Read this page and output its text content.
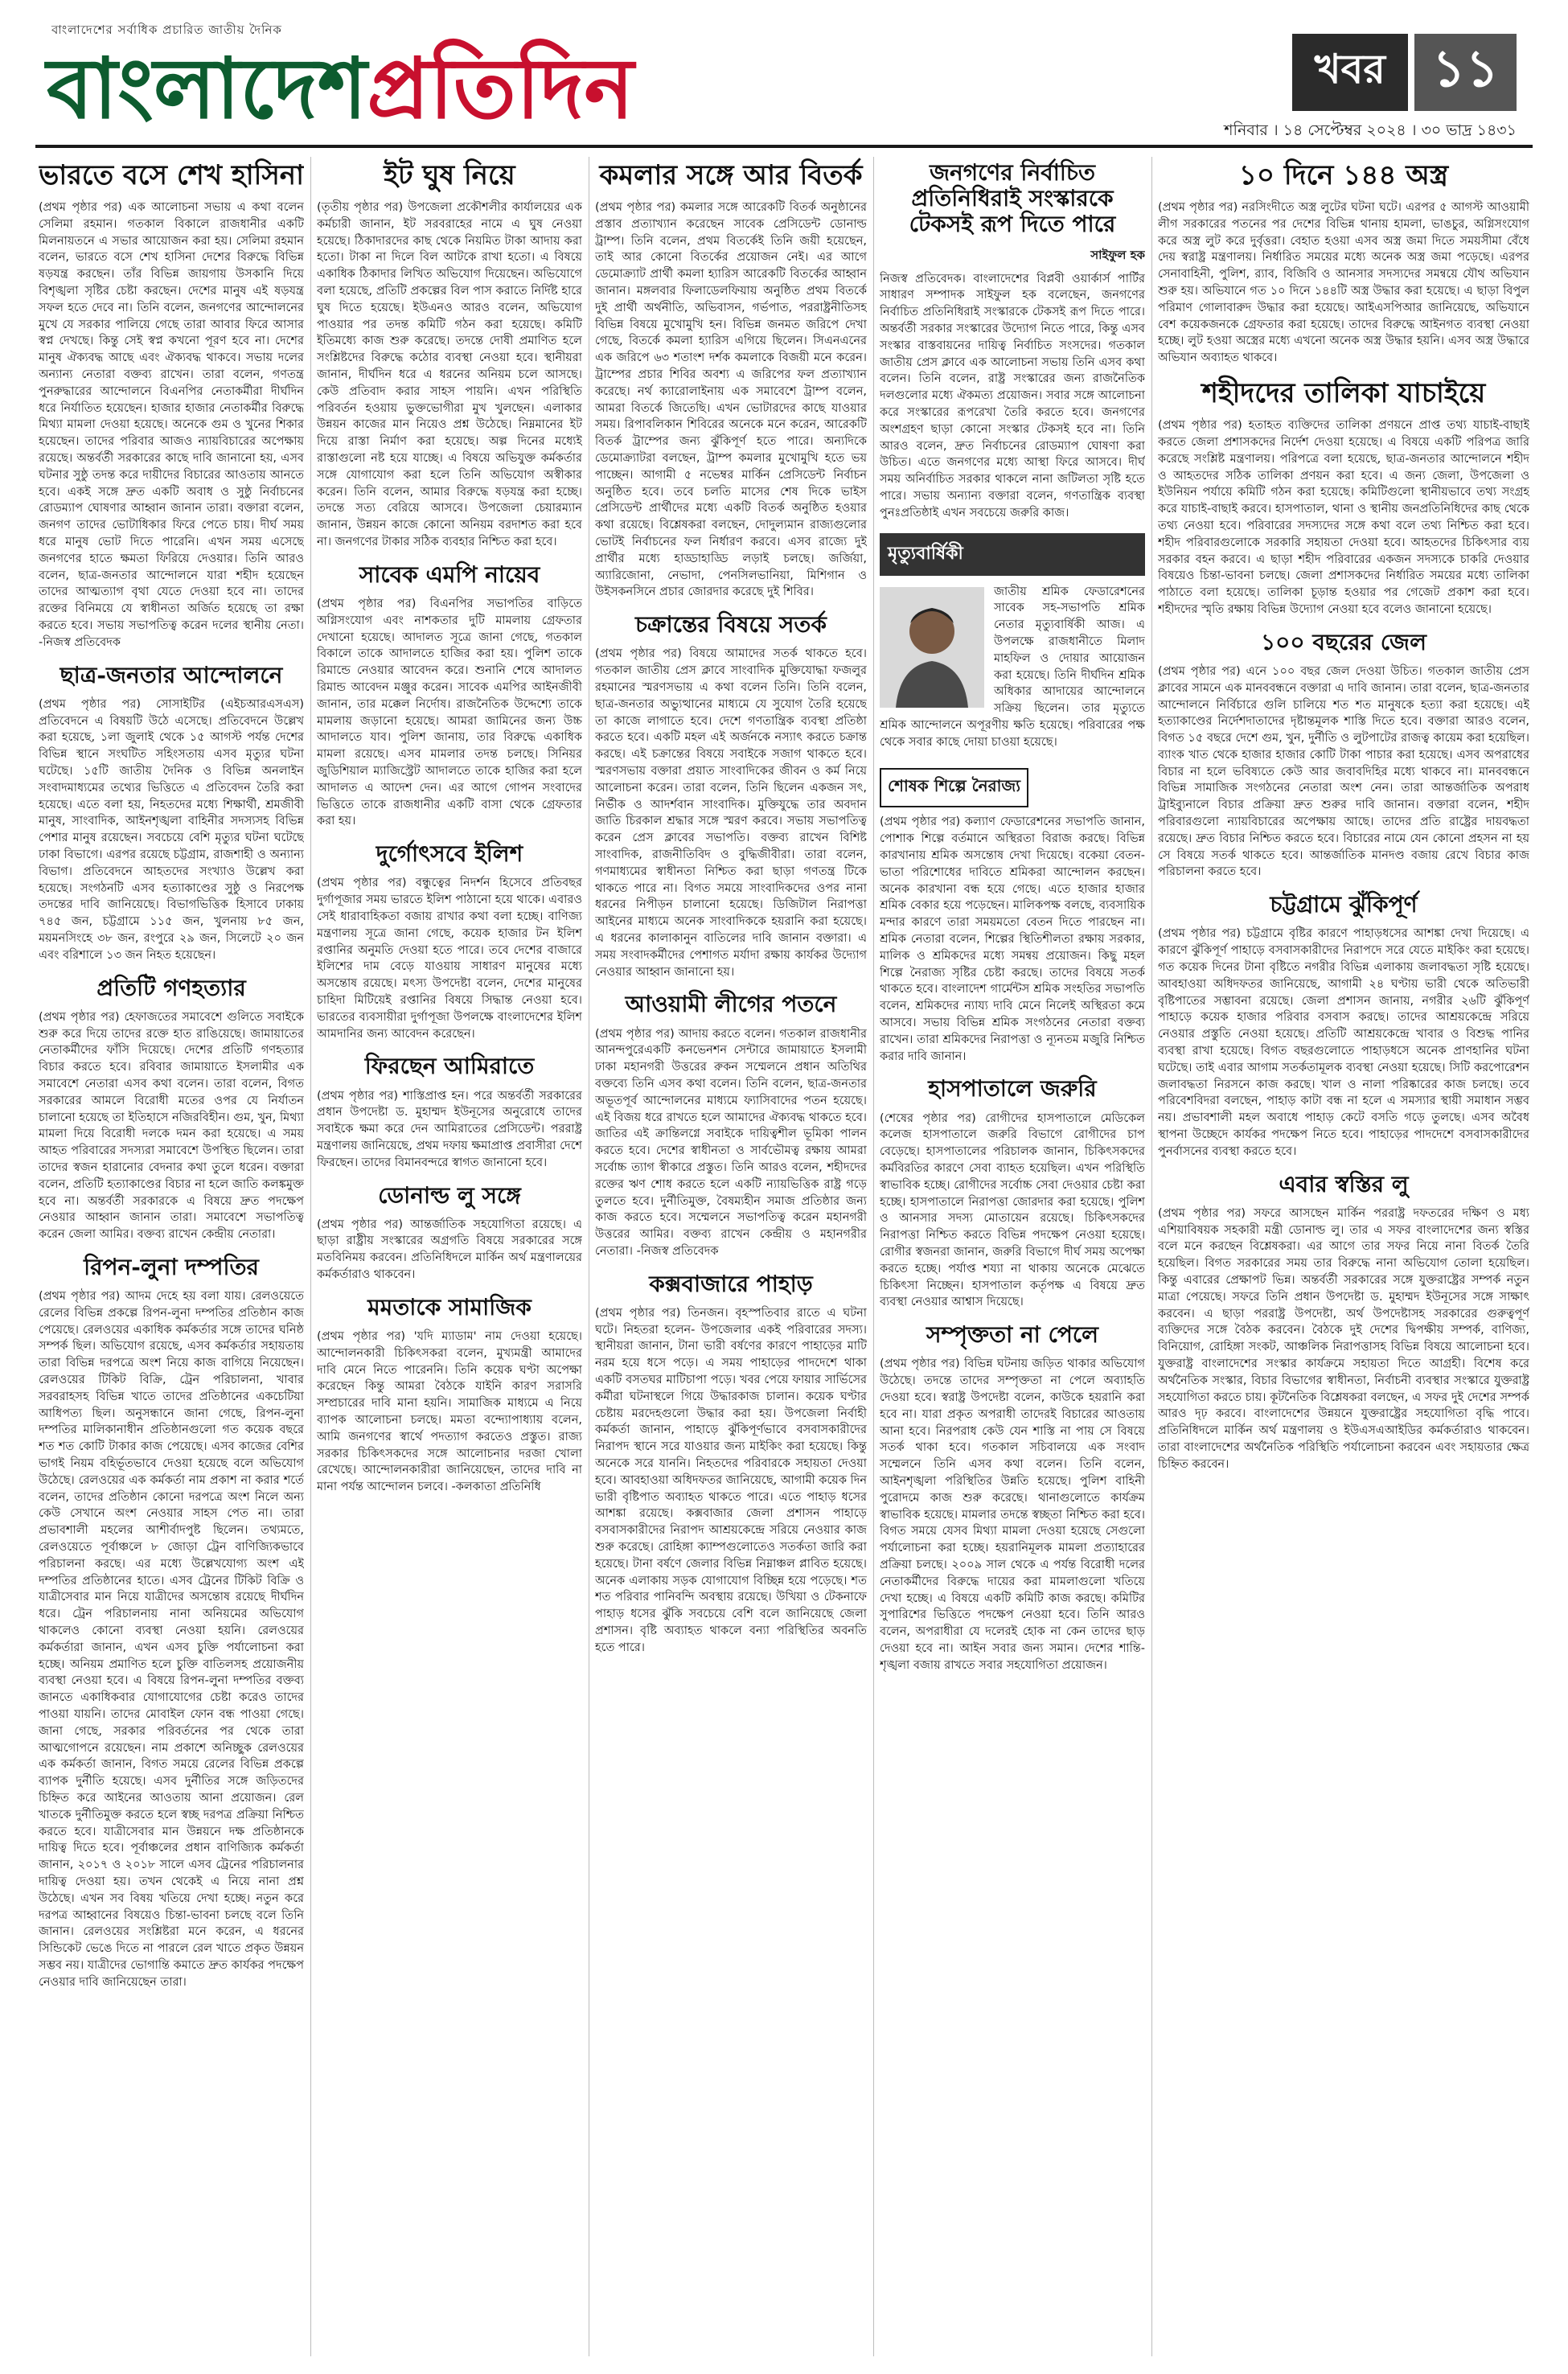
বাংলাদেশের সর্বাধিক প্রচারিত জাতীয় দৈনিক
বাংলাদেশপ্রতিদিন	খবর ১১
শনিবার । ১৪ সেপ্টেম্বর ২০২৪ । ৩০ ভাদ্র ১৪৩১
ভারতে বসে শেখ হাসিনা

(প্রথম পৃষ্ঠার পর) এক আলোচনা সভায় এ কথা বলেন সেলিমা রহমান। গতকাল বিকালে রাজধানীর একটি মিলনায়তনে এ সভার আয়োজন করা হয়। সেলিমা রহমান বলেন, ভারতে বসে শেখ হাসিনা দেশের বিরুদ্ধে বিভিন্ন ষড়যন্ত্র করছেন। তাঁর বিভিন্ন জায়গায় উসকানি দিয়ে বিশৃঙ্খলা সৃষ্টির চেষ্টা করছেন। দেশের মানুষ এই ষড়যন্ত্র সফল হতে দেবে না। তিনি বলেন, জনগণের আন্দোলনের মুখে যে সরকার পালিয়ে গেছে তারা আবার ফিরে আসার স্বপ্ন দেখছে। কিন্তু সেই স্বপ্ন কখনো পূরণ হবে না। দেশের মানুষ ঐক্যবদ্ধ আছে এবং ঐক্যবদ্ধ থাকবে। সভায় দলের অন্যান্য নেতারা বক্তব্য রাখেন। তারা বলেন, গণতন্ত্র পুনরুদ্ধারের আন্দোলনে বিএনপির নেতাকর্মীরা দীর্ঘদিন ধরে নির্যাতিত হয়েছেন। হাজার হাজার নেতাকর্মীর বিরুদ্ধে মিথ্যা মামলা দেওয়া হয়েছে। অনেকে গুম ও খুনের শিকার হয়েছেন। তাদের পরিবার আজও ন্যায়বিচারের অপেক্ষায় রয়েছে। অন্তর্বর্তী সরকারের কাছে দাবি জানানো হয়, এসব ঘটনার সুষ্ঠু তদন্ত করে দায়ীদের বিচারের আওতায় আনতে হবে। একই সঙ্গে দ্রুত একটি অবাধ ও সুষ্ঠু নির্বাচনের রোডম্যাপ ঘোষণার আহ্বান জানান তারা। বক্তারা বলেন, জনগণ তাদের ভোটাধিকার ফিরে পেতে চায়। দীর্ঘ সময় ধরে মানুষ ভোট দিতে পারেনি। এখন সময় এসেছে জনগণের হাতে ক্ষমতা ফিরিয়ে দেওয়ার। তিনি আরও বলেন, ছাত্র-জনতার আন্দোলনে যারা শহীদ হয়েছেন তাদের আত্মত্যাগ বৃথা যেতে দেওয়া হবে না। তাদের রক্তের বিনিময়ে যে স্বাধীনতা অর্জিত হয়েছে তা রক্ষা করতে হবে। সভায় সভাপতিত্ব করেন দলের স্থানীয় নেতা। -নিজস্ব প্রতিবেদক

ছাত্র-জনতার আন্দোলনে

(প্রথম পৃষ্ঠার পর) সোসাইটির (এইচআরএসএস) প্রতিবেদনে এ বিষয়টি উঠে এসেছে। প্রতিবেদনে উল্লেখ করা হয়েছে, ১লা জুলাই থেকে ১৫ আগস্ট পর্যন্ত দেশের বিভিন্ন স্থানে সংঘটিত সহিংসতায় এসব মৃত্যুর ঘটনা ঘটেছে। ১৫টি জাতীয় দৈনিক ও বিভিন্ন অনলাইন সংবাদমাধ্যমের তথ্যের ভিত্তিতে এ প্রতিবেদন তৈরি করা হয়েছে। এতে বলা হয়, নিহতদের মধ্যে শিক্ষার্থী, শ্রমজীবী মানুষ, সাংবাদিক, আইনশৃঙ্খলা বাহিনীর সদস্যসহ বিভিন্ন পেশার মানুষ রয়েছেন। সবচেয়ে বেশি মৃত্যুর ঘটনা ঘটেছে ঢাকা বিভাগে। এরপর রয়েছে চট্টগ্রাম, রাজশাহী ও অন্যান্য বিভাগ। প্রতিবেদনে আহতদের সংখ্যাও উল্লেখ করা হয়েছে। সংগঠনটি এসব হত্যাকাণ্ডের সুষ্ঠু ও নিরপেক্ষ তদন্তের দাবি জানিয়েছে। বিভাগভিত্তিক হিসাবে ঢাকায় ৭৪৫ জন, চট্টগ্রামে ১১৫ জন, খুলনায় ৮৫ জন, ময়মনসিংহে ৩৮ জন, রংপুরে ২৯ জন, সিলেটে ২০ জন এবং বরিশালে ১৩ জন নিহত হয়েছেন।

প্রতিটি গণহত্যার

(প্রথম পৃষ্ঠার পর) হেফাজতের সমাবেশে গুলিতে সবাইকে শুরু করে দিয়ে তাদের রক্তে হাত রাঙিয়েছে। জামায়াতের নেতাকর্মীদের ফাঁসি দিয়েছে। দেশের প্রতিটি গণহত্যার বিচার করতে হবে। রবিবার জামায়াতে ইসলামীর এক সমাবেশে নেতারা এসব কথা বলেন। তারা বলেন, বিগত সরকারের আমলে বিরোধী মতের ওপর যে নির্যাতন চালানো হয়েছে তা ইতিহাসে নজিরবিহীন। গুম, খুন, মিথ্যা মামলা দিয়ে বিরোধী দলকে দমন করা হয়েছে। এ সময় আহত পরিবারের সদস্যরা সমাবেশে উপস্থিত ছিলেন। তারা তাদের স্বজন হারানোর বেদনার কথা তুলে ধরেন। বক্তারা বলেন, প্রতিটি হত্যাকাণ্ডের বিচার না হলে জাতি কলঙ্কমুক্ত হবে না। অন্তর্বর্তী সরকারকে এ বিষয়ে দ্রুত পদক্ষেপ নেওয়ার আহ্বান জানান তারা। সমাবেশে সভাপতিত্ব করেন জেলা আমির। বক্তব্য রাখেন কেন্দ্রীয় নেতারা।

রিপন-লুনা দম্পতির

(প্রথম পৃষ্ঠার পর) আদম দেহে হয় বলা যায়। রেলওয়েতে রেলের বিভিন্ন প্রকল্পে রিপন-লুনা দম্পতির প্রতিষ্ঠান কাজ পেয়েছে। রেলওয়ের একাধিক কর্মকর্তার সঙ্গে তাদের ঘনিষ্ঠ সম্পর্ক ছিল। অভিযোগ রয়েছে, এসব কর্মকর্তার সহায়তায় তারা বিভিন্ন দরপত্রে অংশ নিয়ে কাজ বাগিয়ে নিয়েছেন। রেলওয়ের টিকিট বিক্রি, ট্রেন পরিচালনা, খাবার সরবরাহসহ বিভিন্ন খাতে তাদের প্রতিষ্ঠানের একচেটিয়া আধিপত্য ছিল। অনুসন্ধানে জানা গেছে, রিপন-লুনা দম্পতির মালিকানাধীন প্রতিষ্ঠানগুলো গত কয়েক বছরে শত শত কোটি টাকার কাজ পেয়েছে। এসব কাজের বেশির ভাগই নিয়ম বহির্ভূতভাবে দেওয়া হয়েছে বলে অভিযোগ উঠেছে। রেলওয়ের এক কর্মকর্তা নাম প্রকাশ না করার শর্তে বলেন, তাদের প্রতিষ্ঠান কোনো দরপত্রে অংশ নিলে অন্য কেউ সেখানে অংশ নেওয়ার সাহস পেত না। তারা প্রভাবশালী মহলের আশীর্বাদপুষ্ট ছিলেন। তথ্যমতে, রেলওয়েতে পূর্বাঞ্চলে ৮ জোড়া ট্রেন বাণিজ্যিকভাবে পরিচালনা করছে। এর মধ্যে উল্লেখযোগ্য অংশ এই দম্পতির প্রতিষ্ঠানের হাতে। এসব ট্রেনের টিকিট বিক্রি ও যাত্রীসেবার মান নিয়ে যাত্রীদের অসন্তোষ রয়েছে দীর্ঘদিন ধরে। ট্রেন পরিচালনায় নানা অনিয়মের অভিযোগ থাকলেও কোনো ব্যবস্থা নেওয়া হয়নি। রেলওয়ের কর্মকর্তারা জানান, এখন এসব চুক্তি পর্যালোচনা করা হচ্ছে। অনিয়ম প্রমাণিত হলে চুক্তি বাতিলসহ প্রয়োজনীয় ব্যবস্থা নেওয়া হবে। এ বিষয়ে রিপন-লুনা দম্পতির বক্তব্য জানতে একাধিকবার যোগাযোগের চেষ্টা করেও তাদের পাওয়া যায়নি। তাদের মোবাইল ফোন বন্ধ পাওয়া গেছে। জানা গেছে, সরকার পরিবর্তনের পর থেকে তারা আত্মগোপনে রয়েছেন। নাম প্রকাশে অনিচ্ছুক রেলওয়ের এক কর্মকর্তা জানান, বিগত সময়ে রেলের বিভিন্ন প্রকল্পে ব্যাপক দুর্নীতি হয়েছে। এসব দুর্নীতির সঙ্গে জড়িতদের চিহ্নিত করে আইনের আওতায় আনা প্রয়োজন। রেল খাতকে দুর্নীতিমুক্ত করতে হলে স্বচ্ছ দরপত্র প্রক্রিয়া নিশ্চিত করতে হবে। যাত্রীসেবার মান উন্নয়নে দক্ষ প্রতিষ্ঠানকে দায়িত্ব দিতে হবে। পূর্বাঞ্চলের প্রধান বাণিজ্যিক কর্মকর্তা জানান, ২০১৭ ও ২০১৮ সালে এসব ট্রেনের পরিচালনার দায়িত্ব দেওয়া হয়। তখন থেকেই এ নিয়ে নানা প্রশ্ন উঠেছে। এখন সব বিষয় খতিয়ে দেখা হচ্ছে। নতুন করে দরপত্র আহ্বানের বিষয়েও চিন্তা-ভাবনা চলছে বলে তিনি জানান। রেলওয়ের সংশ্লিষ্টরা মনে করেন, এ ধরনের সিন্ডিকেট ভেঙে দিতে না পারলে রেল খাতে প্রকৃত উন্নয়ন সম্ভব নয়। যাত্রীদের ভোগান্তি কমাতে দ্রুত কার্যকর পদক্ষেপ নেওয়ার দাবি জানিয়েছেন তারা।

ইট ঘুষ নিয়ে

(তৃতীয় পৃষ্ঠার পর) উপজেলা প্রকৌশলীর কার্যালয়ের এক কর্মচারী জানান, ইট সরবরাহের নামে এ ঘুষ নেওয়া হয়েছে। ঠিকাদারদের কাছ থেকে নিয়মিত টাকা আদায় করা হতো। টাকা না দিলে বিল আটকে রাখা হতো। এ বিষয়ে একাধিক ঠিকাদার লিখিত অভিযোগ দিয়েছেন। অভিযোগে বলা হয়েছে, প্রতিটি প্রকল্পের বিল পাস করাতে নির্দিষ্ট হারে ঘুষ দিতে হয়েছে। ইউএনও আরও বলেন, অভিযোগ পাওয়ার পর তদন্ত কমিটি গঠন করা হয়েছে। কমিটি ইতিমধ্যে কাজ শুরু করেছে। তদন্তে দোষী প্রমাণিত হলে সংশ্লিষ্টদের বিরুদ্ধে কঠোর ব্যবস্থা নেওয়া হবে। স্থানীয়রা জানান, দীর্ঘদিন ধরে এ ধরনের অনিয়ম চলে আসছে। কেউ প্রতিবাদ করার সাহস পায়নি। এখন পরিস্থিতি পরিবর্তন হওয়ায় ভুক্তভোগীরা মুখ খুলছেন। এলাকার উন্নয়ন কাজের মান নিয়েও প্রশ্ন উঠেছে। নিম্নমানের ইট দিয়ে রাস্তা নির্মাণ করা হয়েছে। অল্প দিনের মধ্যেই রাস্তাগুলো নষ্ট হয়ে যাচ্ছে। এ বিষয়ে অভিযুক্ত কর্মকর্তার সঙ্গে যোগাযোগ করা হলে তিনি অভিযোগ অস্বীকার করেন। তিনি বলেন, আমার বিরুদ্ধে ষড়যন্ত্র করা হচ্ছে। তদন্তে সত্য বেরিয়ে আসবে। উপজেলা চেয়ারম্যান জানান, উন্নয়ন কাজে কোনো অনিয়ম বরদাশত করা হবে না। জনগণের টাকার সঠিক ব্যবহার নিশ্চিত করা হবে।

সাবেক এমপি নায়েব

(প্রথম পৃষ্ঠার পর) বিএনপির সভাপতির বাড়িতে অগ্নিসংযোগ এবং নাশকতার দুটি মামলায় গ্রেফতার দেখানো হয়েছে। আদালত সূত্রে জানা গেছে, গতকাল বিকালে তাকে আদালতে হাজির করা হয়। পুলিশ তাকে রিমান্ডে নেওয়ার আবেদন করে। শুনানি শেষে আদালত রিমান্ড আবেদন মঞ্জুর করেন। সাবেক এমপির আইনজীবী জানান, তার মক্কেল নির্দোষ। রাজনৈতিক উদ্দেশ্যে তাকে মামলায় জড়ানো হয়েছে। আমরা জামিনের জন্য উচ্চ আদালতে যাব। পুলিশ জানায়, তার বিরুদ্ধে একাধিক মামলা রয়েছে। এসব মামলার তদন্ত চলছে। সিনিয়র জুডিশিয়াল ম্যাজিস্ট্রেট আদালতে তাকে হাজির করা হলে আদালত এ আদেশ দেন। এর আগে গোপন সংবাদের ভিত্তিতে তাকে রাজধানীর একটি বাসা থেকে গ্রেফতার করা হয়।

দুর্গোৎসবে ইলিশ

(প্রথম পৃষ্ঠার পর) বন্ধুত্বের নিদর্শন হিসেবে প্রতিবছর দুর্গাপূজার সময় ভারতে ইলিশ পাঠানো হয়ে থাকে। এবারও সেই ধারাবাহিকতা বজায় রাখার কথা বলা হচ্ছে। বাণিজ্য মন্ত্রণালয় সূত্রে জানা গেছে, কয়েক হাজার টন ইলিশ রপ্তানির অনুমতি দেওয়া হতে পারে। তবে দেশের বাজারে ইলিশের দাম বেড়ে যাওয়ায় সাধারণ মানুষের মধ্যে অসন্তোষ রয়েছে। মৎস্য উপদেষ্টা বলেন, দেশের মানুষের চাহিদা মিটিয়েই রপ্তানির বিষয়ে সিদ্ধান্ত নেওয়া হবে। ভারতের ব্যবসায়ীরা দুর্গাপূজা উপলক্ষে বাংলাদেশের ইলিশ আমদানির জন্য আবেদন করেছেন।

ফিরছেন আমিরাতে

(প্রথম পৃষ্ঠার পর) শাস্তিপ্রাপ্ত হন। পরে অন্তর্বর্তী সরকারের প্রধান উপদেষ্টা ড. মুহাম্মদ ইউনূসের অনুরোধে তাদের সবাইকে ক্ষমা করে দেন আমিরাতের প্রেসিডেন্ট। পররাষ্ট্র মন্ত্রণালয় জানিয়েছে, প্রথম দফায় ক্ষমাপ্রাপ্ত প্রবাসীরা দেশে ফিরছেন। তাদের বিমানবন্দরে স্বাগত জানানো হবে।

ডোনাল্ড লু সঙ্গে

(প্রথম পৃষ্ঠার পর) আন্তর্জাতিক সহযোগিতা রয়েছে। এ ছাড়া রাষ্ট্রীয় সংস্কারের অগ্রগতি বিষয়ে সরকারের সঙ্গে মতবিনিময় করবেন। প্রতিনিধিদলে মার্কিন অর্থ মন্ত্রণালয়ের কর্মকর্তারাও থাকবেন।

মমতাকে সামাজিক

(প্রথম পৃষ্ঠার পর) 'যদি ম্যাডাম' নাম দেওয়া হয়েছে। আন্দোলনকারী চিকিৎসকরা বলেন, মুখ্যমন্ত্রী আমাদের দাবি মেনে নিতে পারেননি। তিনি কয়েক ঘণ্টা অপেক্ষা করেছেন কিন্তু আমরা বৈঠকে যাইনি কারণ সরাসরি সম্প্রচারের দাবি মানা হয়নি। সামাজিক মাধ্যমে এ নিয়ে ব্যাপক আলোচনা চলছে। মমতা বন্দ্যোপাধ্যায় বলেন, আমি জনগণের স্বার্থে পদত্যাগ করতেও প্রস্তুত। রাজ্য সরকার চিকিৎসকদের সঙ্গে আলোচনার দরজা খোলা রেখেছে। আন্দোলনকারীরা জানিয়েছেন, তাদের দাবি না মানা পর্যন্ত আন্দোলন চলবে। -কলকাতা প্রতিনিধি

কমলার সঙ্গে আর বিতর্ক

(প্রথম পৃষ্ঠার পর) কমলার সঙ্গে আরেকটি বিতর্ক অনুষ্ঠানের প্রস্তাব প্রত্যাখ্যান করেছেন সাবেক প্রেসিডেন্ট ডোনাল্ড ট্রাম্প। তিনি বলেন, প্রথম বিতর্কেই তিনি জয়ী হয়েছেন, তাই আর কোনো বিতর্কের প্রয়োজন নেই। এর আগে ডেমোক্র্যাট প্রার্থী কমলা হ্যারিস আরেকটি বিতর্কের আহ্বান জানান। মঙ্গলবার ফিলাডেলফিয়ায় অনুষ্ঠিত প্রথম বিতর্কে দুই প্রার্থী অর্থনীতি, অভিবাসন, গর্ভপাত, পররাষ্ট্রনীতিসহ বিভিন্ন বিষয়ে মুখোমুখি হন। বিভিন্ন জনমত জরিপে দেখা গেছে, বিতর্কে কমলা হ্যারিস এগিয়ে ছিলেন। সিএনএনের এক জরিপে ৬৩ শতাংশ দর্শক কমলাকে বিজয়ী মনে করেন। ট্রাম্পের প্রচার শিবির অবশ্য এ জরিপের ফল প্রত্যাখ্যান করেছে। নর্থ ক্যারোলাইনায় এক সমাবেশে ট্রাম্প বলেন, আমরা বিতর্কে জিতেছি। এখন ভোটারদের কাছে যাওয়ার সময়। রিপাবলিকান শিবিরের অনেকে মনে করেন, আরেকটি বিতর্ক ট্রাম্পের জন্য ঝুঁকিপূর্ণ হতে পারে। অন্যদিকে ডেমোক্র্যাটরা বলছেন, ট্রাম্প কমলার মুখোমুখি হতে ভয় পাচ্ছেন। আগামী ৫ নভেম্বর মার্কিন প্রেসিডেন্ট নির্বাচন অনুষ্ঠিত হবে। তবে চলতি মাসের শেষ দিকে ভাইস প্রেসিডেন্ট প্রার্থীদের মধ্যে একটি বিতর্ক অনুষ্ঠিত হওয়ার কথা রয়েছে। বিশ্লেষকরা বলছেন, দোদুল্যমান রাজ্যগুলোর ভোটই নির্বাচনের ফল নির্ধারণ করবে। এসব রাজ্যে দুই প্রার্থীর মধ্যে হাড্ডাহাড্ডি লড়াই চলছে। জর্জিয়া, অ্যারিজোনা, নেভাদা, পেনসিলভানিয়া, মিশিগান ও উইসকনসিনে প্রচার জোরদার করেছে দুই শিবির।

চক্রান্তের বিষয়ে সতর্ক

(প্রথম পৃষ্ঠার পর) বিষয়ে আমাদের সতর্ক থাকতে হবে। গতকাল জাতীয় প্রেস ক্লাবে সাংবাদিক মুক্তিযোদ্ধা ফজলুর রহমানের স্মরণসভায় এ কথা বলেন তিনি। তিনি বলেন, ছাত্র-জনতার অভ্যুত্থানের মাধ্যমে যে সুযোগ তৈরি হয়েছে তা কাজে লাগাতে হবে। দেশে গণতান্ত্রিক ব্যবস্থা প্রতিষ্ঠা করতে হবে। একটি মহল এই অর্জনকে নস্যাৎ করতে চক্রান্ত করছে। এই চক্রান্তের বিষয়ে সবাইকে সজাগ থাকতে হবে। স্মরণসভায় বক্তারা প্রয়াত সাংবাদিকের জীবন ও কর্ম নিয়ে আলোচনা করেন। তারা বলেন, তিনি ছিলেন একজন সৎ, নির্ভীক ও আদর্শবান সাংবাদিক। মুক্তিযুদ্ধে তার অবদান জাতি চিরকাল শ্রদ্ধার সঙ্গে স্মরণ করবে। সভায় সভাপতিত্ব করেন প্রেস ক্লাবের সভাপতি। বক্তব্য রাখেন বিশিষ্ট সাংবাদিক, রাজনীতিবিদ ও বুদ্ধিজীবীরা। তারা বলেন, গণমাধ্যমের স্বাধীনতা নিশ্চিত করা ছাড়া গণতন্ত্র টিকে থাকতে পারে না। বিগত সময়ে সাংবাদিকদের ওপর নানা ধরনের নিপীড়ন চালানো হয়েছে। ডিজিটাল নিরাপত্তা আইনের মাধ্যমে অনেক সাংবাদিককে হয়রানি করা হয়েছে। এ ধরনের কালাকানুন বাতিলের দাবি জানান বক্তারা। এ সময় সংবাদকর্মীদের পেশাগত মর্যাদা রক্ষায় কার্যকর উদ্যোগ নেওয়ার আহ্বান জানানো হয়।

আওয়ামী লীগের পতনে

(প্রথম পৃষ্ঠার পর) আদায় করতে বলেন। গতকাল রাজধানীর আনন্দপুরেএকটি কনভেনশন সেন্টারে জামায়াতে ইসলামী ঢাকা মহানগরী উত্তরের রুকন সম্মেলনে প্রধান অতিথির বক্তব্যে তিনি এসব কথা বলেন। তিনি বলেন, ছাত্র-জনতার অভূতপূর্ব আন্দোলনের মাধ্যমে ফ্যাসিবাদের পতন হয়েছে। এই বিজয় ধরে রাখতে হলে আমাদের ঐক্যবদ্ধ থাকতে হবে। জাতির এই ক্রান্তিলগ্নে সবাইকে দায়িত্বশীল ভূমিকা পালন করতে হবে। দেশের স্বাধীনতা ও সার্বভৌমত্ব রক্ষায় আমরা সর্বোচ্চ ত্যাগ স্বীকারে প্রস্তুত। তিনি আরও বলেন, শহীদদের রক্তের ঋণ শোধ করতে হলে একটি ন্যায়ভিত্তিক রাষ্ট্র গড়ে তুলতে হবে। দুর্নীতিমুক্ত, বৈষম্যহীন সমাজ প্রতিষ্ঠার জন্য কাজ করতে হবে। সম্মেলনে সভাপতিত্ব করেন মহানগরী উত্তরের আমির। বক্তব্য রাখেন কেন্দ্রীয় ও মহানগরীর নেতারা। -নিজস্ব প্রতিবেদক

কক্সবাজারে পাহাড়

(প্রথম পৃষ্ঠার পর) তিনজন। বৃহস্পতিবার রাতে এ ঘটনা ঘটে। নিহতরা হলেন- উপজেলার একই পরিবারের সদস্য। স্থানীয়রা জানান, টানা ভারী বর্ষণের কারণে পাহাড়ের মাটি নরম হয়ে ধসে পড়ে। এ সময় পাহাড়ের পাদদেশে থাকা একটি বসতঘর মাটিচাপা পড়ে। খবর পেয়ে ফায়ার সার্ভিসের কর্মীরা ঘটনাস্থলে গিয়ে উদ্ধারকাজ চালান। কয়েক ঘণ্টার চেষ্টায় মরদেহগুলো উদ্ধার করা হয়। উপজেলা নির্বাহী কর্মকর্তা জানান, পাহাড়ে ঝুঁকিপূর্ণভাবে বসবাসকারীদের নিরাপদ স্থানে সরে যাওয়ার জন্য মাইকিং করা হয়েছে। কিন্তু অনেকে সরে যাননি। নিহতদের পরিবারকে সহায়তা দেওয়া হবে। আবহাওয়া অধিদফতর জানিয়েছে, আগামী কয়েক দিন ভারী বৃষ্টিপাত অব্যাহত থাকতে পারে। এতে পাহাড় ধসের আশঙ্কা রয়েছে। কক্সবাজার জেলা প্রশাসন পাহাড়ে বসবাসকারীদের নিরাপদ আশ্রয়কেন্দ্রে সরিয়ে নেওয়ার কাজ শুরু করেছে। রোহিঙ্গা ক্যাম্পগুলোতেও সতর্কতা জারি করা হয়েছে। টানা বর্ষণে জেলার বিভিন্ন নিম্নাঞ্চল প্লাবিত হয়েছে। অনেক এলাকায় সড়ক যোগাযোগ বিচ্ছিন্ন হয়ে পড়েছে। শত শত পরিবার পানিবন্দি অবস্থায় রয়েছে। উখিয়া ও টেকনাফে পাহাড় ধসের ঝুঁকি সবচেয়ে বেশি বলে জানিয়েছে জেলা প্রশাসন। বৃষ্টি অব্যাহত থাকলে বন্যা পরিস্থিতির অবনতি হতে পারে।

জনগণের নির্বাচিত প্রতিনিধিরাই সংস্কারকে টেকসই রূপ দিতে পারে
সাইফুল হক

নিজস্ব প্রতিবেদক। বাংলাদেশের বিপ্লবী ওয়ার্কার্স পার্টির সাধারণ সম্পাদক সাইফুল হক বলেছেন, জনগণের নির্বাচিত প্রতিনিধিরাই সংস্কারকে টেকসই রূপ দিতে পারে। অন্তর্বর্তী সরকার সংস্কারের উদ্যোগ নিতে পারে, কিন্তু এসব সংস্কার বাস্তবায়নের দায়িত্ব নির্বাচিত সংসদের। গতকাল জাতীয় প্রেস ক্লাবে এক আলোচনা সভায় তিনি এসব কথা বলেন। তিনি বলেন, রাষ্ট্র সংস্কারের জন্য রাজনৈতিক দলগুলোর মধ্যে ঐকমত্য প্রয়োজন। সবার সঙ্গে আলোচনা করে সংস্কারের রূপরেখা তৈরি করতে হবে। জনগণের অংশগ্রহণ ছাড়া কোনো সংস্কার টেকসই হবে না। তিনি আরও বলেন, দ্রুত নির্বাচনের রোডম্যাপ ঘোষণা করা উচিত। এতে জনগণের মধ্যে আস্থা ফিরে আসবে। দীর্ঘ সময় অনির্বাচিত সরকার থাকলে নানা জটিলতা সৃষ্টি হতে পারে। সভায় অন্যান্য বক্তারা বলেন, গণতান্ত্রিক ব্যবস্থা পুনঃপ্রতিষ্ঠাই এখন সবচেয়ে জরুরি কাজ।

মৃত্যুবার্ষিকী

জাতীয় শ্রমিক ফেডারেশনের সাবেক সহ-সভাপতি শ্রমিক নেতার মৃত্যুবার্ষিকী আজ। এ উপলক্ষে রাজধানীতে মিলাদ মাহফিল ও দোয়ার আয়োজন করা হয়েছে। তিনি দীর্ঘদিন শ্রমিক অধিকার আদায়ের আন্দোলনে সক্রিয় ছিলেন। তার মৃত্যুতে শ্রমিক আন্দোলনে অপূরণীয় ক্ষতি হয়েছে। পরিবারের পক্ষ থেকে সবার কাছে দোয়া চাওয়া হয়েছে।

শোষক শিল্পে নৈরাজ্য

(প্রথম পৃষ্ঠার পর) কল্যাণ ফেডারেশনের সভাপতি জানান, পোশাক শিল্পে বর্তমানে অস্থিরতা বিরাজ করছে। বিভিন্ন কারখানায় শ্রমিক অসন্তোষ দেখা দিয়েছে। বকেয়া বেতন-ভাতা পরিশোধের দাবিতে শ্রমিকরা আন্দোলন করছেন। অনেক কারখানা বন্ধ হয়ে গেছে। এতে হাজার হাজার শ্রমিক বেকার হয়ে পড়েছেন। মালিকপক্ষ বলছে, ব্যবসায়িক মন্দার কারণে তারা সময়মতো বেতন দিতে পারছেন না। শ্রমিক নেতারা বলেন, শিল্পের স্থিতিশীলতা রক্ষায় সরকার, মালিক ও শ্রমিকদের মধ্যে সমন্বয় প্রয়োজন। কিছু মহল শিল্পে নৈরাজ্য সৃষ্টির চেষ্টা করছে। তাদের বিষয়ে সতর্ক থাকতে হবে। বাংলাদেশ গার্মেন্টস শ্রমিক সংহতির সভাপতি বলেন, শ্রমিকদের ন্যায্য দাবি মেনে নিলেই অস্থিরতা কমে আসবে। সভায় বিভিন্ন শ্রমিক সংগঠনের নেতারা বক্তব্য রাখেন। তারা শ্রমিকদের নিরাপত্তা ও ন্যূনতম মজুরি নিশ্চিত করার দাবি জানান।

হাসপাতালে জরুরি

(শেষের পৃষ্ঠার পর) রোগীদের হাসপাতালে মেডিকেল কলেজ হাসপাতালে জরুরি বিভাগে রোগীদের চাপ বেড়েছে। হাসপাতালের পরিচালক জানান, চিকিৎসকদের কর্মবিরতির কারণে সেবা ব্যাহত হয়েছিল। এখন পরিস্থিতি স্বাভাবিক হচ্ছে। রোগীদের সর্বোচ্চ সেবা দেওয়ার চেষ্টা করা হচ্ছে। হাসপাতালে নিরাপত্তা জোরদার করা হয়েছে। পুলিশ ও আনসার সদস্য মোতায়েন রয়েছে। চিকিৎসকদের নিরাপত্তা নিশ্চিত করতে বিভিন্ন পদক্ষেপ নেওয়া হয়েছে। রোগীর স্বজনরা জানান, জরুরি বিভাগে দীর্ঘ সময় অপেক্ষা করতে হচ্ছে। পর্যাপ্ত শয্যা না থাকায় অনেকে মেঝেতে চিকিৎসা নিচ্ছেন। হাসপাতাল কর্তৃপক্ষ এ বিষয়ে দ্রুত ব্যবস্থা নেওয়ার আশ্বাস দিয়েছে।

সম্পৃক্ততা না পেলে

(প্রথম পৃষ্ঠার পর) বিভিন্ন ঘটনায় জড়িত থাকার অভিযোগ উঠেছে। তদন্তে তাদের সম্পৃক্ততা না পেলে অব্যাহতি দেওয়া হবে। স্বরাষ্ট্র উপদেষ্টা বলেন, কাউকে হয়রানি করা হবে না। যারা প্রকৃত অপরাধী তাদেরই বিচারের আওতায় আনা হবে। নিরপরাধ কেউ যেন শাস্তি না পায় সে বিষয়ে সতর্ক থাকা হবে। গতকাল সচিবালয়ে এক সংবাদ সম্মেলনে তিনি এসব কথা বলেন। তিনি বলেন, আইনশৃঙ্খলা পরিস্থিতির উন্নতি হয়েছে। পুলিশ বাহিনী পুরোদমে কাজ শুরু করেছে। থানাগুলোতে কার্যক্রম স্বাভাবিক হয়েছে। মামলার তদন্তে স্বচ্ছতা নিশ্চিত করা হবে। বিগত সময়ে যেসব মিথ্যা মামলা দেওয়া হয়েছে সেগুলো পর্যালোচনা করা হচ্ছে। হয়রানিমূলক মামলা প্রত্যাহারের প্রক্রিয়া চলছে। ২০০৯ সাল থেকে এ পর্যন্ত বিরোধী দলের নেতাকর্মীদের বিরুদ্ধে দায়ের করা মামলাগুলো খতিয়ে দেখা হচ্ছে। এ বিষয়ে একটি কমিটি কাজ করছে। কমিটির সুপারিশের ভিত্তিতে পদক্ষেপ নেওয়া হবে। তিনি আরও বলেন, অপরাধীরা যে দলেরই হোক না কেন তাদের ছাড় দেওয়া হবে না। আইন সবার জন্য সমান। দেশের শান্তি-শৃঙ্খলা বজায় রাখতে সবার সহযোগিতা প্রয়োজন।

১০ দিনে ১৪৪ অস্ত্র

(প্রথম পৃষ্ঠার পর) নরসিংদীতে অস্ত্র লুটের ঘটনা ঘটে। এরপর ৫ আগস্ট আওয়ামী লীগ সরকারের পতনের পর দেশের বিভিন্ন থানায় হামলা, ভাঙচুর, অগ্নিসংযোগ করে অস্ত্র লুট করে দুর্বৃত্তরা। বেহাত হওয়া এসব অস্ত্র জমা দিতে সময়সীমা বেঁধে দেয় স্বরাষ্ট্র মন্ত্রণালয়। নির্ধারিত সময়ের মধ্যে অনেক অস্ত্র জমা পড়েছে। এরপর সেনাবাহিনী, পুলিশ, র‌্যাব, বিজিবি ও আনসার সদস্যদের সমন্বয়ে যৌথ অভিযান শুরু হয়। অভিযানে গত ১০ দিনে ১৪৪টি অস্ত্র উদ্ধার করা হয়েছে। এ ছাড়া বিপুল পরিমাণ গোলাবারুদ উদ্ধার করা হয়েছে। আইএসপিআর জানিয়েছে, অভিযানে বেশ কয়েকজনকে গ্রেফতার করা হয়েছে। তাদের বিরুদ্ধে আইনগত ব্যবস্থা নেওয়া হচ্ছে। লুট হওয়া অস্ত্রের মধ্যে এখনো অনেক অস্ত্র উদ্ধার হয়নি। এসব অস্ত্র উদ্ধারে অভিযান অব্যাহত থাকবে।

শহীদদের তালিকা যাচাইয়ে

(প্রথম পৃষ্ঠার পর) হতাহত ব্যক্তিদের তালিকা প্রণয়নে প্রাপ্ত তথ্য যাচাই-বাছাই করতে জেলা প্রশাসকদের নির্দেশ দেওয়া হয়েছে। এ বিষয়ে একটি পরিপত্র জারি করেছে সংশ্লিষ্ট মন্ত্রণালয়। পরিপত্রে বলা হয়েছে, ছাত্র-জনতার আন্দোলনে শহীদ ও আহতদের সঠিক তালিকা প্রণয়ন করা হবে। এ জন্য জেলা, উপজেলা ও ইউনিয়ন পর্যায়ে কমিটি গঠন করা হয়েছে। কমিটিগুলো স্থানীয়ভাবে তথ্য সংগ্রহ করে যাচাই-বাছাই করবে। হাসপাতাল, থানা ও স্থানীয় জনপ্রতিনিধিদের কাছ থেকে তথ্য নেওয়া হবে। পরিবারের সদস্যদের সঙ্গে কথা বলে তথ্য নিশ্চিত করা হবে। শহীদ পরিবারগুলোকে সরকারি সহায়তা দেওয়া হবে। আহতদের চিকিৎসার ব্যয় সরকার বহন করবে। এ ছাড়া শহীদ পরিবারের একজন সদস্যকে চাকরি দেওয়ার বিষয়েও চিন্তা-ভাবনা চলছে। জেলা প্রশাসকদের নির্ধারিত সময়ের মধ্যে তালিকা পাঠাতে বলা হয়েছে। তালিকা চূড়ান্ত হওয়ার পর গেজেট প্রকাশ করা হবে। শহীদদের স্মৃতি রক্ষায় বিভিন্ন উদ্যোগ নেওয়া হবে বলেও জানানো হয়েছে।

১০০ বছরের জেল

(প্রথম পৃষ্ঠার পর) এনে ১০০ বছর জেল দেওয়া উচিত। গতকাল জাতীয় প্রেস ক্লাবের সামনে এক মানববন্ধনে বক্তারা এ দাবি জানান। তারা বলেন, ছাত্র-জনতার আন্দোলনে নির্বিচারে গুলি চালিয়ে শত শত মানুষকে হত্যা করা হয়েছে। এই হত্যাকাণ্ডের নির্দেশদাতাদের দৃষ্টান্তমূলক শাস্তি দিতে হবে। বক্তারা আরও বলেন, বিগত ১৫ বছরে দেশে গুম, খুন, দুর্নীতি ও লুটপাটের রাজত্ব কায়েম করা হয়েছিল। ব্যাংক খাত থেকে হাজার হাজার কোটি টাকা পাচার করা হয়েছে। এসব অপরাধের বিচার না হলে ভবিষ্যতে কেউ আর জবাবদিহির মধ্যে থাকবে না। মানববন্ধনে বিভিন্ন সামাজিক সংগঠনের নেতারা অংশ নেন। তারা আন্তর্জাতিক অপরাধ ট্রাইব্যুনালে বিচার প্রক্রিয়া দ্রুত শুরুর দাবি জানান। বক্তারা বলেন, শহীদ পরিবারগুলো ন্যায়বিচারের অপেক্ষায় আছে। তাদের প্রতি রাষ্ট্রের দায়বদ্ধতা রয়েছে। দ্রুত বিচার নিশ্চিত করতে হবে। বিচারের নামে যেন কোনো প্রহসন না হয় সে বিষয়ে সতর্ক থাকতে হবে। আন্তর্জাতিক মানদণ্ড বজায় রেখে বিচার কাজ পরিচালনা করতে হবে।

চট্টগ্রামে ঝুঁকিপূর্ণ

(প্রথম পৃষ্ঠার পর) চট্টগ্রামে বৃষ্টির কারণে পাহাড়ধসের আশঙ্কা দেখা দিয়েছে। এ কারণে ঝুঁকিপূর্ণ পাহাড়ে বসবাসকারীদের নিরাপদে সরে যেতে মাইকিং করা হয়েছে। গত কয়েক দিনের টানা বৃষ্টিতে নগরীর বিভিন্ন এলাকায় জলাবদ্ধতা সৃষ্টি হয়েছে। আবহাওয়া অধিদফতর জানিয়েছে, আগামী ২৪ ঘণ্টায় ভারী থেকে অতিভারী বৃষ্টিপাতের সম্ভাবনা রয়েছে। জেলা প্রশাসন জানায়, নগরীর ২৬টি ঝুঁকিপূর্ণ পাহাড়ে কয়েক হাজার পরিবার বসবাস করছে। তাদের আশ্রয়কেন্দ্রে সরিয়ে নেওয়ার প্রস্তুতি নেওয়া হয়েছে। প্রতিটি আশ্রয়কেন্দ্রে খাবার ও বিশুদ্ধ পানির ব্যবস্থা রাখা হয়েছে। বিগত বছরগুলোতে পাহাড়ধসে অনেক প্রাণহানির ঘটনা ঘটেছে। তাই এবার আগাম সতর্কতামূলক ব্যবস্থা নেওয়া হয়েছে। সিটি করপোরেশন জলাবদ্ধতা নিরসনে কাজ করছে। খাল ও নালা পরিষ্কারের কাজ চলছে। তবে পরিবেশবিদরা বলছেন, পাহাড় কাটা বন্ধ না হলে এ সমস্যার স্থায়ী সমাধান সম্ভব নয়। প্রভাবশালী মহল অবাধে পাহাড় কেটে বসতি গড়ে তুলছে। এসব অবৈধ স্থাপনা উচ্ছেদে কার্যকর পদক্ষেপ নিতে হবে। পাহাড়ের পাদদেশে বসবাসকারীদের পুনর্বাসনের ব্যবস্থা করতে হবে।

এবার স্বস্তির লু

(প্রথম পৃষ্ঠার পর) সফরে আসছেন মার্কিন পররাষ্ট্র দফতরের দক্ষিণ ও মধ্য এশিয়াবিষয়ক সহকারী মন্ত্রী ডোনাল্ড লু। তার এ সফর বাংলাদেশের জন্য স্বস্তির বলে মনে করছেন বিশ্লেষকরা। এর আগে তার সফর নিয়ে নানা বিতর্ক তৈরি হয়েছিল। বিগত সরকারের সময় তার বিরুদ্ধে নানা অভিযোগ তোলা হয়েছিল। কিন্তু এবারের প্রেক্ষাপট ভিন্ন। অন্তর্বর্তী সরকারের সঙ্গে যুক্তরাষ্ট্রের সম্পর্ক নতুন মাত্রা পেয়েছে। সফরে তিনি প্রধান উপদেষ্টা ড. মুহাম্মদ ইউনূসের সঙ্গে সাক্ষাৎ করবেন। এ ছাড়া পররাষ্ট্র উপদেষ্টা, অর্থ উপদেষ্টাসহ সরকারের গুরুত্বপূর্ণ ব্যক্তিদের সঙ্গে বৈঠক করবেন। বৈঠকে দুই দেশের দ্বিপক্ষীয় সম্পর্ক, বাণিজ্য, বিনিয়োগ, রোহিঙ্গা সংকট, আঞ্চলিক নিরাপত্তাসহ বিভিন্ন বিষয়ে আলোচনা হবে। যুক্তরাষ্ট্র বাংলাদেশের সংস্কার কার্যক্রমে সহায়তা দিতে আগ্রহী। বিশেষ করে অর্থনৈতিক সংস্কার, বিচার বিভাগের স্বাধীনতা, নির্বাচনী ব্যবস্থার সংস্কারে যুক্তরাষ্ট্র সহযোগিতা করতে চায়। কূটনৈতিক বিশ্লেষকরা বলছেন, এ সফর দুই দেশের সম্পর্ক আরও দৃঢ় করবে। বাংলাদেশের উন্নয়নে যুক্তরাষ্ট্রের সহযোগিতা বৃদ্ধি পাবে। প্রতিনিধিদলে মার্কিন অর্থ মন্ত্রণালয় ও ইউএসএআইডির কর্মকর্তারাও থাকবেন। তারা বাংলাদেশের অর্থনৈতিক পরিস্থিতি পর্যালোচনা করবেন এবং সহায়তার ক্ষেত্র চিহ্নিত করবেন।
